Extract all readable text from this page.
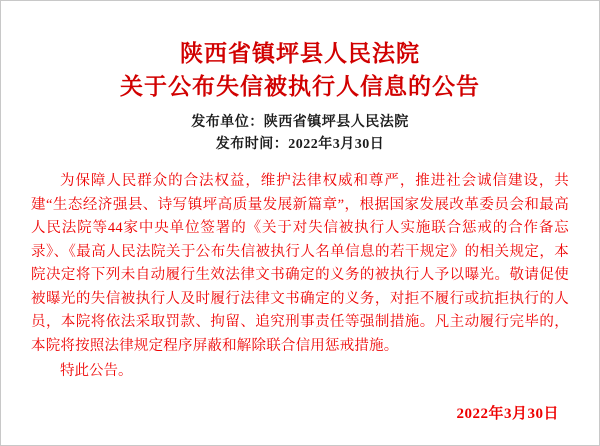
陕西省镇坪县人民法院
关于公布失信被执行人信息的公告
发布单位：陕西省镇坪县人民法院
发布时间：2022年3月30日

为保障人民群众的合法权益，维护法律权威和尊严，推进社会诚信建设，共建“生态经济强县、诗写镇坪高质量发展新篇章”，根据国家发展改革委员会和最高人民法院等44家中央单位签署的《关于对失信被执行人实施联合惩戒的合作备忘录》、《最高人民法院关于公布失信被执行人名单信息的若干规定》的相关规定，本院决定将下列未自动履行生效法律文书确定的义务的被执行人予以曝光。敬请促使被曝光的失信被执行人及时履行法律文书确定的义务，对拒不履行或抗拒执行的人员，本院将依法采取罚款、拘留、追究刑事责任等强制措施。凡主动履行完毕的，本院将按照法律规定程序屏蔽和解除联合信用惩戒措施。

特此公告。
2022年3月30日
